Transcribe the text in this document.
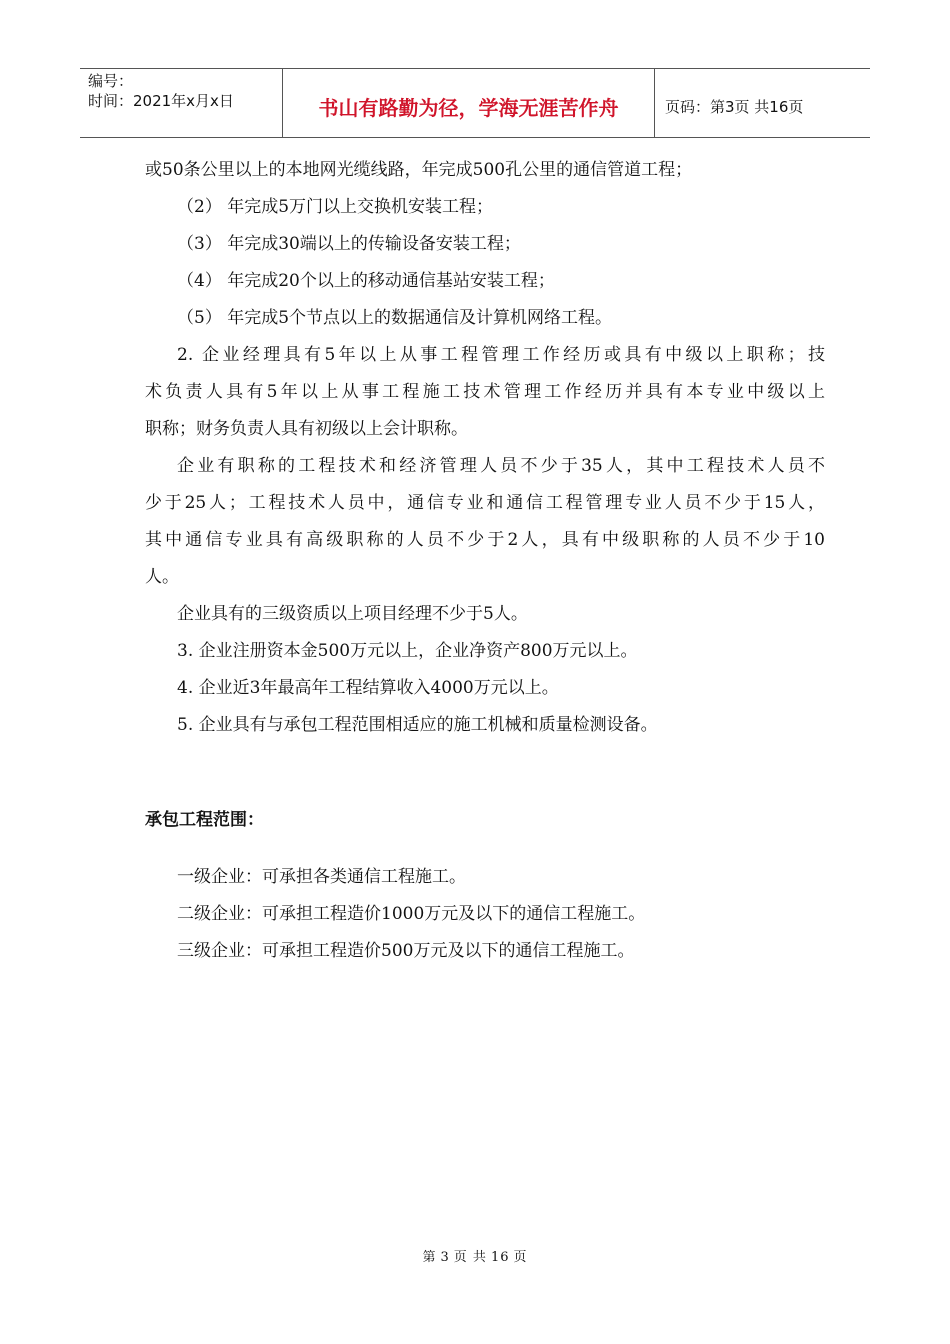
编号：
时间：2021年x月x日	书山有路勤为径，学海无涯苦作舟	页码：第3页 共16页
或50条公里以上的本地网光缆线路，年完成500孔公里的通信管道工程；
（2） 年完成5万门以上交换机安装工程；
（3） 年完成30端以上的传输设备安装工程；
（4） 年完成20个以上的移动通信基站安装工程；
（5） 年完成5个节点以上的数据通信及计算机网络工程。
2. 企业经理具有5年以上从事工程管理工作经历或具有中级以上职称；技
术负责人具有5年以上从事工程施工技术管理工作经历并具有本专业中级以上
职称；财务负责人具有初级以上会计职称。
企业有职称的工程技术和经济管理人员不少于35人，其中工程技术人员不
少于25人；工程技术人员中，通信专业和通信工程管理专业人员不少于15人，
其中通信专业具有高级职称的人员不少于2人，具有中级职称的人员不少于10
人。
企业具有的三级资质以上项目经理不少于5人。
3. 企业注册资本金500万元以上，企业净资产800万元以上。
4. 企业近3年最高年工程结算收入4000万元以上。
5. 企业具有与承包工程范围相适应的施工机械和质量检测设备。
承包工程范围：
一级企业：可承担各类通信工程施工。
二级企业：可承担工程造价1000万元及以下的通信工程施工。
三级企业：可承担工程造价500万元及以下的通信工程施工。
第 3 页 共 16 页
